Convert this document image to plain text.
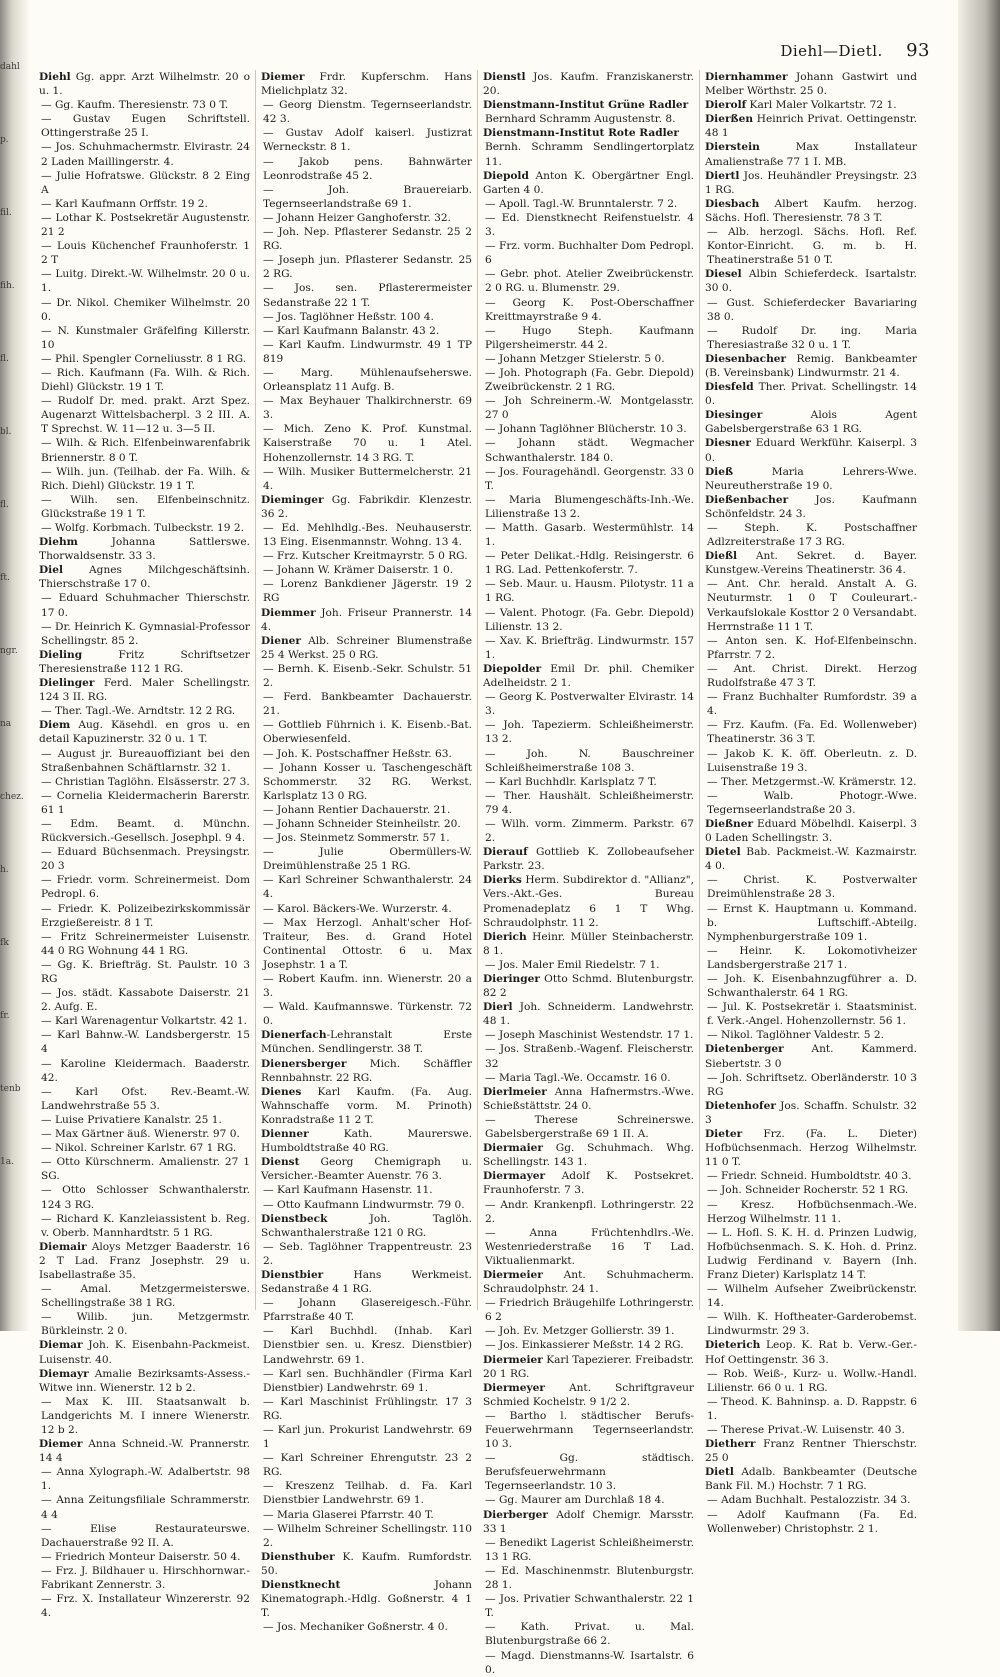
dahl
p.
fil.
fih.
fl.
bl.
fl.
ft.
ngr.
na
chez.
h.
fk
fr.
tenb
1a.
Diehl—Dietl. 93

Diehl Gg. appr. Arzt Wilhelmstr. 20 o u. 1.

— Gg. Kaufm. Theresienstr. 73 0 T.

— Gustav Eugen Schriftstell. Ottingerstraße 25 I.

— Jos. Schuhmachermstr. Elvirastr. 24 2 Laden Maillingerstr. 4.

— Julie Hofratswe. Glückstr. 8 2 Eing A

— Karl Kaufmann Orffstr. 19 2.

— Lothar K. Postsekretär Augustenstr. 21 2

— Louis Küchenchef Fraunhoferstr. 1 2 T

— Luitg. Direkt.-W. Wilhelmstr. 20 0 u. 1.

— Dr. Nikol. Chemiker Wilhelmstr. 20 0.

— N. Kunstmaler Gräfelfing Killerstr. 10

— Phil. Spengler Corneliusstr. 8 1 RG.

— Rich. Kaufmann (Fa. Wilh. & Rich. Diehl) Glückstr. 19 1 T.

— Rudolf Dr. med. prakt. Arzt Spez. Augenarzt Wittelsbacherpl. 3 2 III. A. T Sprechst. W. 11—12 u. 3—5 II.

— Wilh. & Rich. Elfenbeinwarenfabrik Briennerstr. 8 0 T.

— Wilh. jun. (Teilhab. der Fa. Wilh. & Rich. Diehl) Glückstr. 19 1 T.

— Wilh. sen. Elfenbeinschnitz. Glückstraße 19 1 T.

— Wolfg. Korbmach. Tulbeckstr. 19 2.

Diehm Johanna Sattlerswe. Thorwaldsenstr. 33 3.

Diel Agnes Milchgeschäftsinh. Thierschstraße 17 0.

— Eduard Schuhmacher Thierschstr. 17 0.

— Dr. Heinrich K. Gymnasial-Professor Schellingstr. 85 2.

Dieling Fritz Schriftsetzer Theresienstraße 112 1 RG.

Dielinger Ferd. Maler Schellingstr. 124 3 II. RG.

— Ther. Tagl.-We. Arndtstr. 12 2 RG.

Diem Aug. Käsehdl. en gros u. en detail Kapuzinerstr. 32 0 u. 1 T.

— August jr. Bureauoffiziant bei den Straßenbahnen Schäftlarnstr. 32 1.

— Christian Taglöhn. Elsässerstr. 27 3.

— Cornelia Kleidermacherin Barerstr. 61 1

— Edm. Beamt. d. Münchn. Rückversich.-Gesellsch. Josephpl. 9 4.

— Eduard Büchsenmach. Preysingstr. 20 3

— Friedr. vorm. Schreinermeist. Dom Pedropl. 6.

— Friedr. K. Polizeibezirkskommissär Erzgießereistr. 8 1 T.

— Fritz Schreinermeister Luisenstr. 44 0 RG Wohnung 44 1 RG.

— Gg. K. Briefträg. St. Paulstr. 10 3 RG

— Jos. städt. Kassabote Daiserstr. 21 2. Aufg. E.

— Karl Warenagentur Volkartstr. 42 1.

— Karl Bahnw.-W. Landsbergerstr. 15 4

— Karoline Kleidermach. Baaderstr. 42.

— Karl Ofst. Rev.-Beamt.-W. Landwehrstraße 55 3.

— Luise Privatiere Kanalstr. 25 1.

— Max Gärtner äuß. Wienerstr. 97 0.

— Nikol. Schreiner Karlstr. 67 1 RG.

— Otto Kürschnerm. Amalienstr. 27 1 SG.

— Otto Schlosser Schwanthalerstr. 124 3 RG.

— Richard K. Kanzleiassistent b. Reg. v. Oberb. Mannhardtstr. 5 1 RG.

Diemair Aloys Metzger Baaderstr. 16 2 T Lad. Franz Josephstr. 29 u. Isabellastraße 35.

— Amal. Metzgermeisterswe. Schellingstraße 38 1 RG.

— Wilib. jun. Metzgermstr. Bürkleinstr. 2 0.

Diemar Joh. K. Eisenbahn-Packmeist. Luisenstr. 40.

Diemayr Amalie Bezirksamts-Assess.-Witwe inn. Wienerstr. 12 b 2.

— Max K. III. Staatsanwalt b. Landgerichts M. I innere Wienerstr. 12 b 2.

Diemer Anna Schneid.-W. Prannerstr. 14 4

— Anna Xylograph.-W. Adalbertstr. 98 1.

— Anna Zeitungsfiliale Schrammerstr. 4 4

— Elise Restaurateurswe. Dachauerstraße 92 II. A.

— Friedrich Monteur Daiserstr. 50 4.

— Frz. J. Bildhauer u. Hirschhornwar.-Fabrikant Zennerstr. 3.

— Frz. X. Installateur Winzererstr. 92 4.

Diemer Frdr. Kupferschm. Hans Mielichplatz 32.

— Georg Dienstm. Tegernseerlandstr. 42 3.

— Gustav Adolf kaiserl. Justizrat Werneckstr. 8 1.

— Jakob pens. Bahnwärter Leonrodstraße 45 2.

— Joh. Brauereiarb. Tegernseerlandstraße 69 1.

— Johann Heizer Ganghoferstr. 32.

— Joh. Nep. Pflasterer Sedanstr. 25 2 RG.

— Joseph jun. Pflasterer Sedanstr. 25 2 RG.

— Jos. sen. Pflasterermeister Sedanstraße 22 1 T.

— Jos. Taglöhner Heßstr. 100 4.

— Karl Kaufmann Balanstr. 43 2.

— Karl Kaufm. Lindwurmstr. 49 1 TP 819

— Marg. Mühlenaufseherswe. Orleansplatz 11 Aufg. B.

— Max Beyhauer Thalkirchnerstr. 69 3.

— Mich. Zeno K. Prof. Kunstmal. Kaiserstraße 70 u. 1 Atel. Hohenzollernstr. 14 3 RG. T.

— Wilh. Musiker Buttermelcherstr. 21 4.

Dieminger Gg. Fabrikdir. Klenzestr. 36 2.

— Ed. Mehlhdlg.-Bes. Neuhauserstr. 13 Eing. Eisenmannstr. Wohng. 13 4.

— Frz. Kutscher Kreitmayrstr. 5 0 RG.

— Johann W. Krämer Daiserstr. 1 0.

— Lorenz Bankdiener Jägerstr. 19 2 RG

Diemmer Joh. Friseur Prannerstr. 14 4.

Diener Alb. Schreiner Blumenstraße 25 4 Werkst. 25 0 RG.

— Bernh. K. Eisenb.-Sekr. Schulstr. 51 2.

— Ferd. Bankbeamter Dachauerstr. 21.

— Gottlieb Führnich i. K. Eisenb.-Bat. Oberwiesenfeld.

— Joh. K. Postschaffner Heßstr. 63.

— Johann Kosser u. Taschengeschäft Schommerstr. 32 RG. Werkst. Karlsplatz 13 0 RG.

— Johann Rentier Dachauerstr. 21.

— Johann Schneider Steinheilstr. 20.

— Jos. Steinmetz Sommerstr. 57 1.

— Julie Obermüllers-W. Dreimühlenstraße 25 1 RG.

— Karl Schreiner Schwanthalerstr. 24 4.

— Karol. Bäckers-We. Wurzerstr. 4.

— Max Herzogl. Anhalt'scher Hof-Traiteur, Bes. d. Grand Hotel Continental Ottostr. 6 u. Max Josephstr. 1 a T.

— Robert Kaufm. inn. Wienerstr. 20 a 3.

— Wald. Kaufmannswe. Türkenstr. 72 0.

Dienerfach-Lehranstalt Erste München. Sendlingerstr. 38 T.

Dienersberger Mich. Schäffler Rennbahnstr. 22 RG.

Dienes Karl Kaufm. (Fa. Aug. Wahnschaffe vorm. M. Prinoth) Konradstraße 11 2 T.

Dienner Kath. Maurerswe. Humboldtstraße 40 RG.

Dienst Georg Chemigraph u. Versicher.-Beamter Auenstr. 76 3.

— Karl Kaufmann Hasenstr. 11.

— Otto Kaufmann Lindwurmstr. 79 0.

Dienstbeck Joh. Taglöh. Schwanthalerstraße 121 0 RG.

— Seb. Taglöhner Trappentreustr. 23 2.

Dienstbier Hans Werkmeist. Sedanstraße 4 1 RG.

— Johann Glasereigesch.-Führ. Pfarrstraße 40 T.

— Karl Buchhdl. (Inhab. Karl Dienstbier sen. u. Kresz. Dienstbier) Landwehrstr. 69 1.

— Karl sen. Buchhändler (Firma Karl Dienstbier) Landwehrstr. 69 1.

— Karl Maschinist Frühlingstr. 17 3 RG.

— Karl jun. Prokurist Landwehrstr. 69 1

— Karl Schreiner Ehrengutstr. 23 2 RG.

— Kreszenz Teilhab. d. Fa. Karl Dienstbier Landwehrstr. 69 1.

— Maria Glaserei Pfarrstr. 40 T.

— Wilhelm Schreiner Schellingstr. 110 2.

Diensthuber K. Kaufm. Rumfordstr. 50.

Dienstknecht Johann Kinematograph.-Hdlg. Goßnerstr. 4 1 T.

— Jos. Mechaniker Goßnerstr. 4 0.

Dienstl Jos. Kaufm. Franziskanerstr. 20.

Dienstmann-Institut Grüne Radler

Bernhard Schramm Augustenstr. 8.

Dienstmann-Institut Rote Radler

Bernh. Schramm Sendlingertorplatz 11.

Diepold Anton K. Obergärtner Engl. Garten 4 0.

— Apoll. Tagl.-W. Brunntalerstr. 7 2.

— Ed. Dienstknecht Reifenstuelstr. 4 3.

— Frz. vorm. Buchhalter Dom Pedropl. 6

— Gebr. phot. Atelier Zweibrückenstr. 2 0 RG. u. Blumenstr. 29.

— Georg K. Post-Oberschaffner Kreittmayrstraße 9 4.

— Hugo Steph. Kaufmann Pilgersheimerstr. 44 2.

— Johann Metzger Stielerstr. 5 0.

— Joh. Photograph (Fa. Gebr. Diepold) Zweibrückenstr. 2 1 RG.

— Joh Schreinerm.-W. Montgelasstr. 27 0

— Johann Taglöhner Blücherstr. 10 3.

— Johann städt. Wegmacher Schwanthalerstr. 184 0.

— Jos. Fouragehändl. Georgenstr. 33 0 T.

— Maria Blumengeschäfts-Inh.-We. Lilienstraße 13 2.

— Matth. Gasarb. Westermühlstr. 14 1.

— Peter Delikat.-Hdlg. Reisingerstr. 6 1 RG. Lad. Pettenkoferstr. 7.

— Seb. Maur. u. Hausm. Pilotystr. 11 a 1 RG.

— Valent. Photogr. (Fa. Gebr. Diepold) Lilienstr. 13 2.

— Xav. K. Briefträg. Lindwurmstr. 157 1.

Diepolder Emil Dr. phil. Chemiker Adelheidstr. 2 1.

— Georg K. Postverwalter Elvirastr. 14 3.

— Joh. Tapezierm. Schleißheimerstr. 13 2.

— Joh. N. Bauschreiner Schleißheimerstraße 108 3.

— Karl Buchhdlr. Karlsplatz 7 T.

— Ther. Haushält. Schleißheimerstr. 79 4.

— Wilh. vorm. Zimmerm. Parkstr. 67 2.

Dierauf Gottlieb K. Zollobeaufseher Parkstr. 23.

Dierks Herm. Subdirektor d. "Allianz", Vers.-Akt.-Ges. Bureau Promenadeplatz 6 1 T Whg. Schraudolphstr. 11 2.

Dierich Heinr. Müller Steinbacherstr. 8 1.

— Jos. Maler Emil Riedelstr. 7 1.

Dieringer Otto Schmd. Blutenburgstr. 82 2

Dierl Joh. Schneiderm. Landwehrstr. 48 1.

— Joseph Maschinist Westendstr. 17 1.

— Jos. Straßenb.-Wagenf. Fleischerstr. 32

— Maria Tagl.-We. Occamstr. 16 0.

Dierlmeier Anna Hafnermstrs.-Wwe. Schießstättstr. 24 0.

— Therese Schreinerswe. Gabelsbergerstraße 69 1 II. A.

Diermaier Gg. Schuhmach. Whg. Schellingstr. 143 1.

Diermayer Adolf K. Postsekret. Fraunhoferstr. 7 3.

— Andr. Krankenpfl. Lothringerstr. 22 2.

— Anna Früchtenhdlrs.-We. Westenriederstraße 16 T Lad. Viktualienmarkt.

Diermeier Ant. Schuhmacherm. Schraudolphstr. 24 1.

— Friedrich Bräugehilfe Lothringerstr. 6 2

— Joh. Ev. Metzger Gollierstr. 39 1.

— Jos. Einkassierer Meßstr. 14 2 RG.

Diermeier Karl Tapezierer. Freibadstr. 20 1 RG.

Diermeyer Ant. Schriftgraveur Schmied Kochelstr. 9 1/2 2.

— Bartho l. städtischer Berufs-Feuerwehrmann Tegernseerlandstr. 10 3.

— Gg. städtisch. Berufsfeuerwehrmann Tegernseerlandstr. 10 3.

— Gg. Maurer am Durchlaß 18 4.

Dierberger Adolf Chemigr. Marsstr. 33 1

— Benedikt Lagerist Schleißheimerstr. 13 1 RG.

— Ed. Maschinenmstr. Blutenburgstr. 28 1.

— Jos. Privatier Schwanthalerstr. 22 1 T.

— Kath. Privat. u. Mal. Blutenburgstraße 66 2.

— Magd. Dienstmanns-W. Isartalstr. 6 0.

Diernhammer Johann Gastwirt und Melber Wörthstr. 25 0.

Dierolf Karl Maler Volkartstr. 72 1.

Dierßen Heinrich Privat. Oettingenstr. 48 1

Dierstein Max Installateur Amalienstraße 77 1 I. MB.

Diertl Jos. Heuhändler Preysingstr. 23 1 RG.

Diesbach Albert Kaufm. herzog. Sächs. Hofl. Theresienstr. 78 3 T.

— Alb. herzogl. Sächs. Hofl. Ref. Kontor-Einricht. G. m. b. H. Theatinerstraße 51 0 T.

Diesel Albin Schieferdeck. Isartalstr. 30 0.

— Gust. Schieferdecker Bavariaring 38 0.

— Rudolf Dr. ing. Maria Theresiastraße 32 0 u. 1 T.

Diesenbacher Remig. Bankbeamter (B. Vereinsbank) Lindwurmstr. 21 4.

Diesfeld Ther. Privat. Schellingstr. 14 0.

Diesinger Alois Agent Gabelsbergerstraße 63 1 RG.

Diesner Eduard Werkführ. Kaiserpl. 3 0.

Dieß Maria Lehrers-Wwe. Neureutherstraße 19 0.

Dießenbacher Jos. Kaufmann Schönfeldstr. 24 3.

— Steph. K. Postschaffner Adlzreiterstraße 17 3 RG.

Dießl Ant. Sekret. d. Bayer. Kunstgew.-Vereins Theatinerstr. 36 4.

— Ant. Chr. herald. Anstalt A. G. Neuturmstr. 1 0 T Couleurart.-Verkaufslokale Kosttor 2 0 Versandabt. Herrnstraße 11 1 T.

— Anton sen. K. Hof-Elfenbeinschn. Pfarrstr. 7 2.

— Ant. Christ. Direkt. Herzog Rudolfstraße 47 3 T.

— Franz Buchhalter Rumfordstr. 39 a 4.

— Frz. Kaufm. (Fa. Ed. Wollenweber) Theatinerstr. 36 3 T.

— Jakob K. K. öff. Oberleutn. z. D. Luisenstraße 19 3.

— Ther. Metzgermst.-W. Krämerstr. 12.

— Walb. Photogr.-Wwe. Tegernseerlandstraße 20 3.

Dießner Eduard Möbelhdl. Kaiserpl. 3 0 Laden Schellingstr. 3.

Dietel Bab. Packmeist.-W. Kazmairstr. 4 0.

— Christ. K. Postverwalter Dreimühlenstraße 28 3.

— Ernst K. Hauptmann u. Kommand. b. Luftschiff.-Abteilg. Nymphenburgerstraße 109 1.

— Heinr. K. Lokomotivheizer Landsbergerstraße 217 1.

— Joh. K. Eisenbahnzugführer a. D. Schwanthalerstr. 64 1 RG.

— Jul. K. Postsekretär i. Staatsminist. f. Verk.-Angel. Hohenzollernstr. 56 1.

— Nikol. Taglöhner Valdestr. 5 2.

Dietenberger Ant. Kammerd. Siebertstr. 3 0

— Joh. Schriftsetz. Oberländerstr. 10 3 RG

Dietenhofer Jos. Schaffn. Schulstr. 32 3

Dieter Frz. (Fa. L. Dieter) Hofbüchsenmach. Herzog Wilhelmstr. 11 0 T.

— Friedr. Schneid. Humboldtstr. 40 3.

— Joh. Schneider Rocherstr. 52 1 RG.

— Kresz. Hofbüchsenmach.-We. Herzog Wilhelmstr. 11 1.

— L. Hofl. S. K. H. d. Prinzen Ludwig, Hofbüchsenmach. S. K. Hoh. d. Prinz. Ludwig Ferdinand v. Bayern (Inh. Franz Dieter) Karlsplatz 14 T.

— Wilhelm Aufseher Zweibrückenstr. 14.

— Wilh. K. Hoftheater-Garderobemst. Lindwurmstr. 29 3.

Dieterich Leop. K. Rat b. Verw.-Ger.-Hof Oettingenstr. 36 3.

— Rob. Weiß-, Kurz- u. Wollw.-Handl. Lilienstr. 66 0 u. 1 RG.

— Theod. K. Bahninsp. a. D. Rappstr. 6 1.

— Therese Privat.-W. Luisenstr. 40 3.

Dietherr Franz Rentner Thierschstr. 25 0

Dietl Adalb. Bankbeamter (Deutsche Bank Fil. M.) Hochstr. 7 1 RG.

— Adam Buchhalt. Pestalozzistr. 34 3.

— Adolf Kaufmann (Fa. Ed. Wollenweber) Christophstr. 2 1.
